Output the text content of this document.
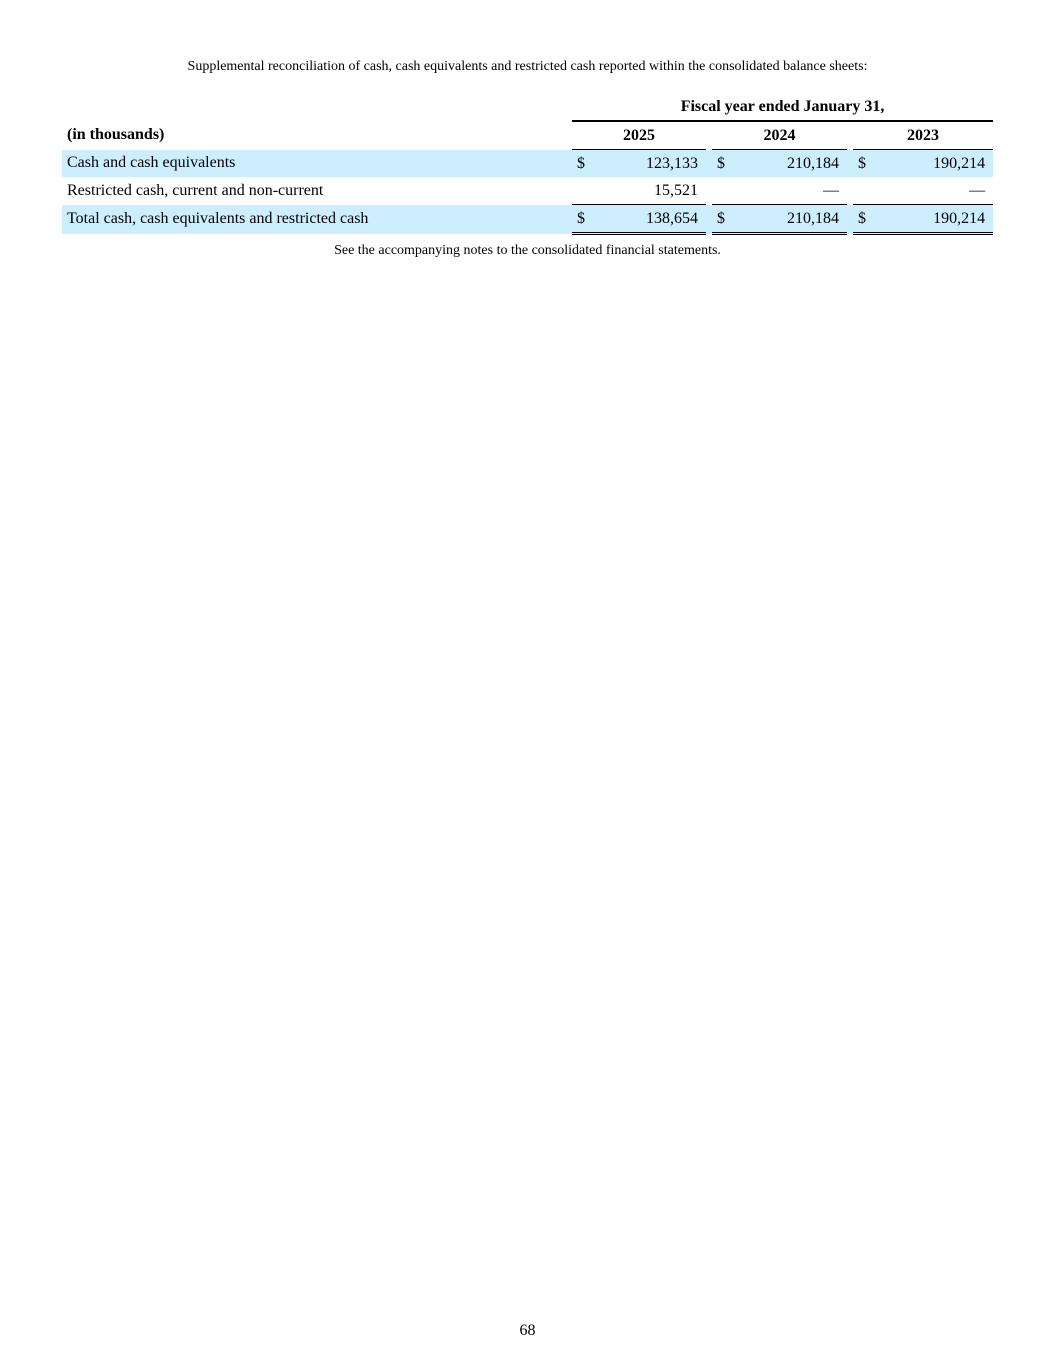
Supplemental reconciliation of cash, cash equivalents and restricted cash reported within the consolidated balance sheets:
		Fiscal year ended January 31,							
(in thousands)		2025			2024			2023	
Cash and cash equivalents		$	123,133		$	210,184		$	190,214
Restricted cash, current and non-current			15,521			—			—
Total cash, cash equivalents and restricted cash		$	138,654		$	210,184		$	190,214
See the accompanying notes to the consolidated financial statements.
68
